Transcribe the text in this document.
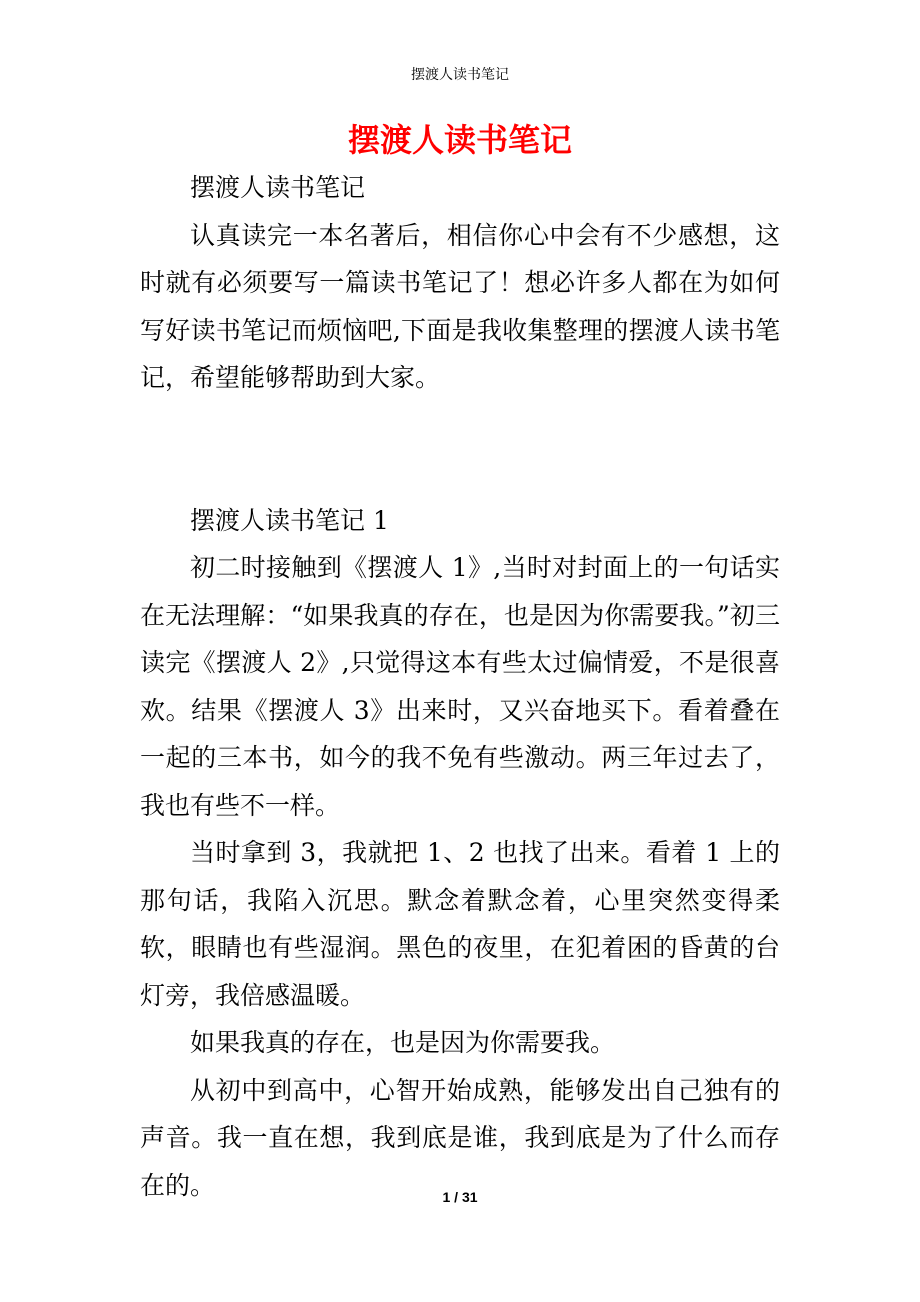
摆渡人读书笔记
摆渡人读书笔记

摆渡人读书笔记

认真读完一本名著后，相信你心中会有不少感想，这时就有必须要写一篇读书笔记了！想必许多人都在为如何写好读书笔记而烦恼吧,下面是我收集整理的摆渡人读书笔记，希望能够帮助到大家。

摆渡人读书笔记 1

初二时接触到《摆渡人 1》,当时对封面上的一句话实在无法理解：“如果我真的存在，也是因为你需要我。”初三读完《摆渡人 2》,只觉得这本有些太过偏情爱，不是很喜欢。结果《摆渡人 3》出来时，又兴奋地买下。看着叠在一起的三本书，如今的我不免有些激动。两三年过去了，我也有些不一样。

当时拿到 3，我就把 1、2 也找了出来。看着 1 上的那句话，我陷入沉思。默念着默念着，心里突然变得柔软，眼睛也有些湿润。黑色的夜里，在犯着困的昏黄的台灯旁，我倍感温暖。

如果我真的存在，也是因为你需要我。

从初中到高中，心智开始成熟，能够发出自己独有的声音。我一直在想，我到底是谁，我到底是为了什么而存在的。	1 / 31
